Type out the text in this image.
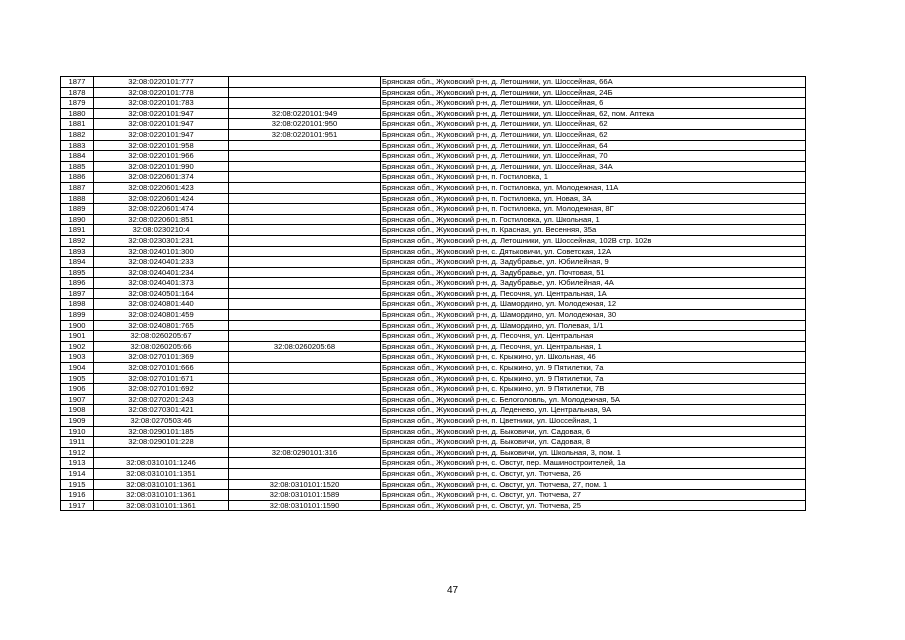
1877	32:08:0220101:777		Брянская обл., Жуковский р-н, д. Летошники, ул. Шоссейная, 66А
1878	32:08:0220101:778		Брянская обл., Жуковский р-н, д. Летошники, ул. Шоссейная, 24Б
1879	32:08:0220101:783		Брянская обл., Жуковский р-н, д. Летошники, ул. Шоссейная, 6
1880	32:08:0220101:947	32:08:0220101:949	Брянская обл., Жуковский р-н, д. Летошники, ул. Шоссейная, 62, пом. Аптека
1881	32:08:0220101:947	32:08:0220101:950	Брянская обл., Жуковский р-н, д. Летошники, ул. Шоссейная, 62
1882	32:08:0220101:947	32:08:0220101:951	Брянская обл., Жуковский р-н, д. Летошники, ул. Шоссейная, 62
1883	32:08:0220101:958		Брянская обл., Жуковский р-н, д. Летошники, ул. Шоссейная, 64
1884	32:08:0220101:966		Брянская обл., Жуковский р-н, д. Летошники, ул. Шоссейная, 70
1885	32:08:0220101:990		Брянская обл., Жуковский р-н, д. Летошники, ул. Шоссейная, 34А
1886	32:08:0220601:374		Брянская обл., Жуковский р-н, п. Гостиловка, 1
1887	32:08:0220601:423		Брянская обл., Жуковский р-н, п. Гостиловка, ул. Молодежная, 11А
1888	32:08:0220601:424		Брянская обл., Жуковский р-н, п. Гостиловка, ул. Новая, 3А
1889	32:08:0220601:474		Брянская обл., Жуковский р-н, п. Гостиловка, ул. Молодежная, 8Г
1890	32:08:0220601:851		Брянская обл., Жуковский р-н, п. Гостиловка, ул. Школьная, 1
1891	32:08:0230210:4		Брянская обл., Жуковский р-н, п. Красная, ул. Весенняя, 35а
1892	32:08:0230301:231		Брянская обл., Жуковский р-н, д. Летошники, ул. Шоссейная, 102В стр. 102в
1893	32:08:0240101:300		Брянская обл., Жуковский р-н, с. Дятьковичи, ул. Советская, 12А
1894	32:08:0240401:233		Брянская обл., Жуковский р-н, д. Задубравье, ул. Юбилейная, 9
1895	32:08:0240401:234		Брянская обл., Жуковский р-н, д. Задубравье, ул. Почтовая, 51
1896	32:08:0240401:373		Брянская обл., Жуковский р-н, д. Задубравье, ул. Юбилейная, 4А
1897	32:08:0240501:164		Брянская обл., Жуковский р-н, д. Песочня, ул. Центральная, 1А
1898	32:08:0240801:440		Брянская обл., Жуковский р-н, д. Шамордино, ул. Молодежная, 12
1899	32:08:0240801:459		Брянская обл., Жуковский р-н, д. Шамордино, ул. Молодежная, 30
1900	32:08:0240801:765		Брянская обл., Жуковский р-н, д. Шамордино, ул. Полевая, 1/1
1901	32:08:0260205:67		Брянская обл., Жуковский р-н, д. Песочня, ул. Центральная
1902	32:08:0260205:66	32:08:0260205:68	Брянская обл., Жуковский р-н, д. Песочня, ул. Центральная, 1
1903	32:08:0270101:369		Брянская обл., Жуковский р-н, с. Крыжино, ул. Школьная, 46
1904	32:08:0270101:666		Брянская обл., Жуковский р-н, с. Крыжино, ул. 9 Пятилетки, 7а
1905	32:08:0270101:671		Брянская обл., Жуковский р-н, с. Крыжино, ул. 9 Пятилетки, 7а
1906	32:08:0270101:692		Брянская обл., Жуковский р-н, с. Крыжино, ул. 9 Пятилетки, 7В
1907	32:08:0270201:243		Брянская обл., Жуковский р-н, с. Белоголовль, ул. Молодежная, 5А
1908	32:08:0270301:421		Брянская обл., Жуковский р-н, д. Леденево, ул. Центральная, 9А
1909	32:08:0270503:46		Брянская обл., Жуковский р-н, п. Цветники, ул. Шоссейная, 1
1910	32:08:0290101:185		Брянская обл., Жуковский р-н, д. Быковичи, ул. Садовая, 6
1911	32:08:0290101:228		Брянская обл., Жуковский р-н, д. Быковичи, ул. Садовая, 8
1912		32:08:0290101:316	Брянская обл., Жуковский р-н, д. Быковичи, ул. Школьная, 3, пом. 1
1913	32:08:0310101:1246		Брянская обл., Жуковский р-н, с. Овстуг, пер. Машиностроителей, 1а
1914	32:08:0310101:1351		Брянская обл., Жуковский р-н, с. Овстуг, ул. Тютчева, 26
1915	32:08:0310101:1361	32:08:0310101:1520	Брянская обл., Жуковский р-н, с. Овстуг, ул. Тютчева, 27, пом. 1
1916	32:08:0310101:1361	32:08:0310101:1589	Брянская обл., Жуковский р-н, с. Овстуг, ул. Тютчева, 27
1917	32:08:0310101:1361	32:08:0310101:1590	Брянская обл., Жуковский р-н, с. Овстуг, ул. Тютчева, 25
47
